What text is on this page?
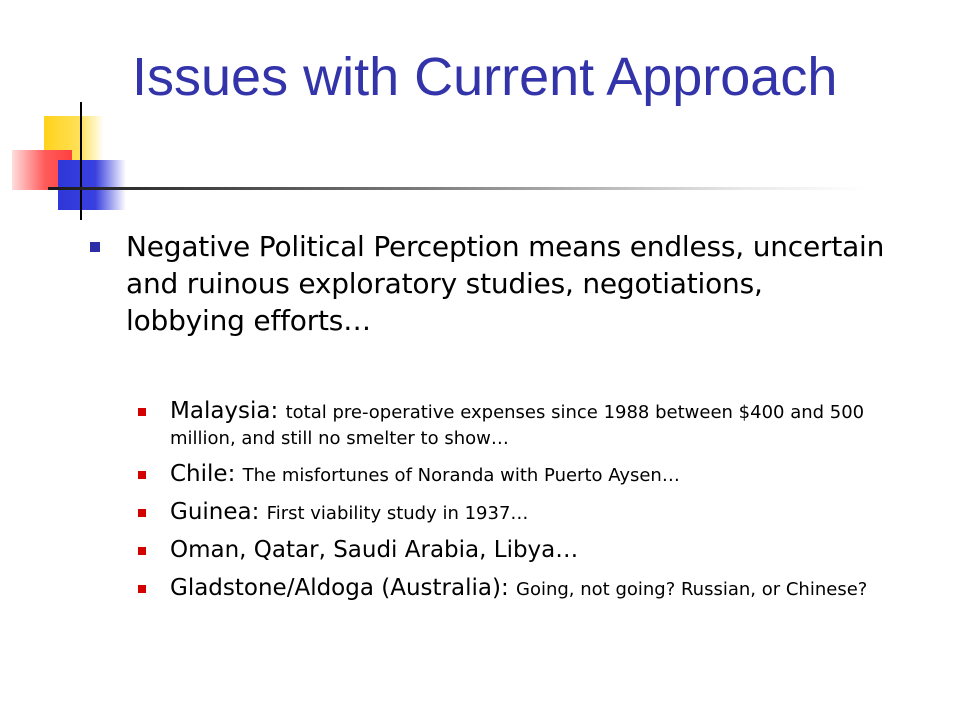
Issues with Current Approach
Negative Political Perception means endless, uncertain and ruinous exploratory studies, negotiations, lobbying efforts…
Malaysia: total pre-operative expenses since 1988 between $400 and 500 million, and still no smelter to show…
Chile: The misfortunes of Noranda with Puerto Aysen…
Guinea: First viability study in 1937…
Oman, Qatar, Saudi Arabia, Libya…
Gladstone/Aldoga (Australia): Going, not going? Russian, or Chinese?
